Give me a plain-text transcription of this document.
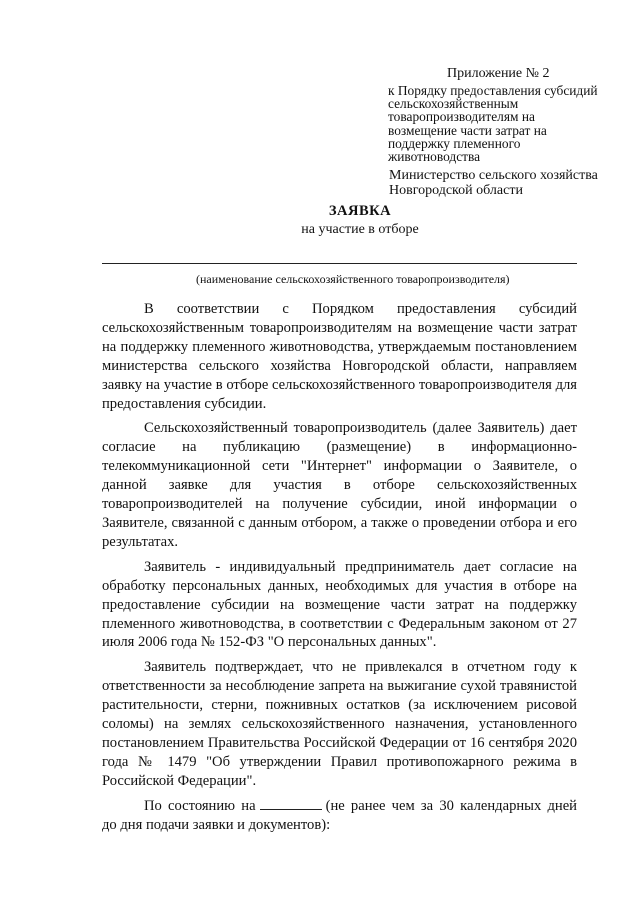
Приложение № 2
к Порядку предоставления субсидий
сельскохозяйственным
товаропроизводителям на
возмещение части затрат на
поддержку племенного
животноводства
Министерство сельского хозяйства
Новгородской области
ЗАЯВКА
на участие в отборе
(наименование сельскохозяйственного товаропроизводителя)

В соответствии с Порядком предоставления субсидий сельскохозяйственным товаропроизводителям на возмещение части затрат на поддержку племенного животноводства, утверждаемым постановлением министерства сельского хозяйства Новгородской области, направляем заявку на участие в отборе сельскохозяйственного товаропроизводителя для предоставления субсидии.

Сельскохозяйственный товаропроизводитель (далее Заявитель) дает согласие на публикацию (размещение) в информационно-телекоммуникационной сети "Интернет" информации о Заявителе, о данной заявке для участия в отборе сельскохозяйственных товаропроизводителей на получение субсидии, иной информации о Заявителе, связанной с данным отбором, а также о проведении отбора и его результатах.

Заявитель - индивидуальный предприниматель дает согласие на обработку персональных данных, необходимых для участия в отборе на предоставление субсидии на возмещение части затрат на поддержку племенного животноводства, в соответствии с Федеральным законом от 27 июля 2006 года № 152-ФЗ "О персональных данных".

Заявитель подтверждает, что не привлекался в отчетном году к ответственности за несоблюдение запрета на выжигание сухой травянистой растительности, стерни, пожнивных остатков (за исключением рисовой соломы) на землях сельскохозяйственного назначения, установленного постановлением Правительства Российской Федерации от 16 сентября 2020 года № 1479 "Об утверждении Правил противопожарного режима в Российской Федерации".

По состоянию на	(не ранее чем за 30 календарных дней
до дня подачи заявки и документов):
